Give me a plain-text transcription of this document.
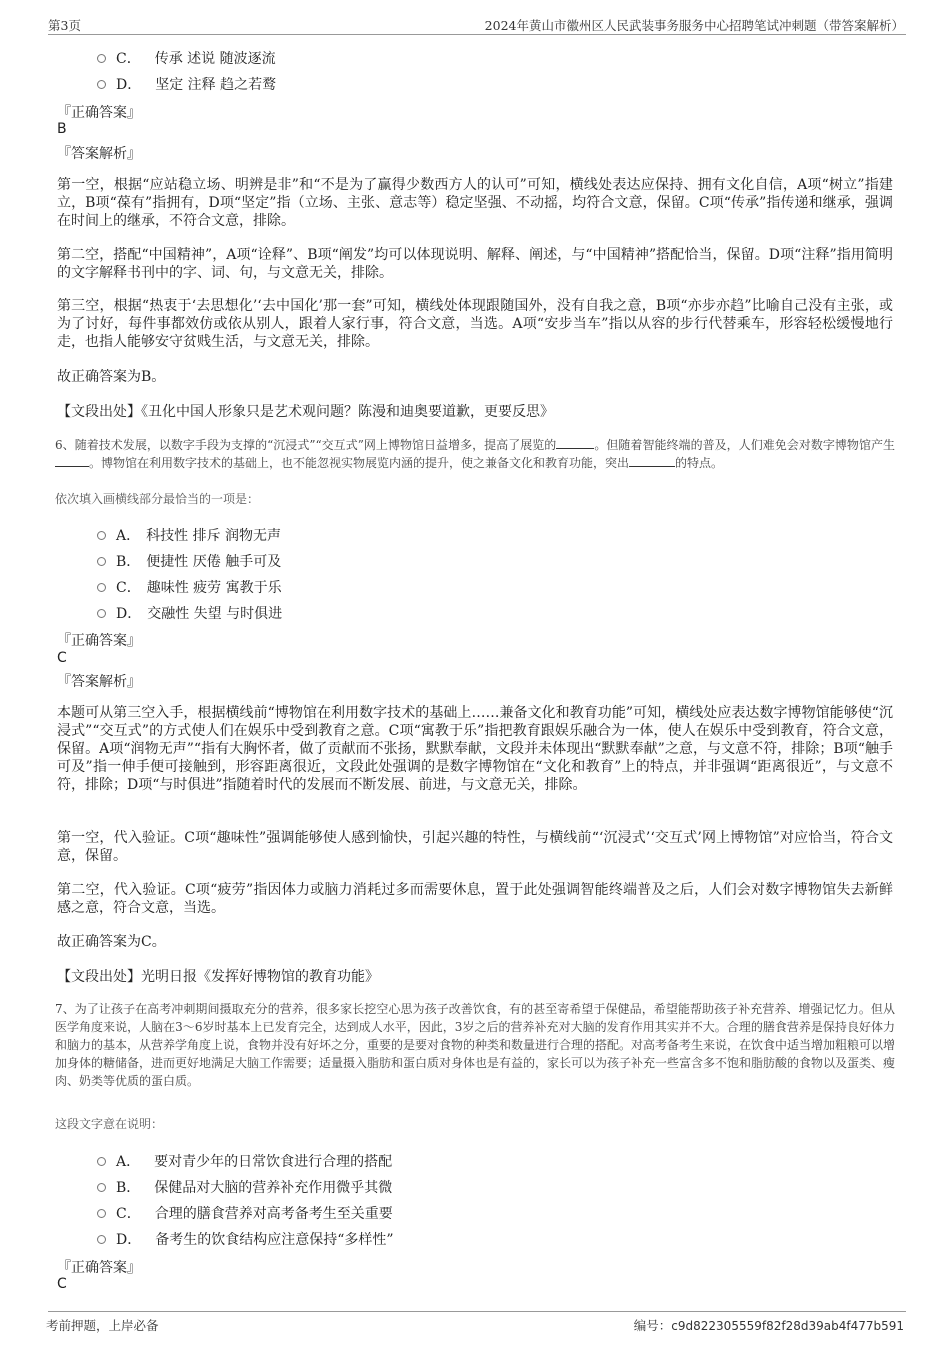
第3页	2024年黄山市徽州区人民武装事务服务中心招聘笔试冲刺题（带答案解析）
C． 传承 述说 随波逐流
D． 坚定 注释 趋之若鹜
『正确答案』
B
『答案解析』
第一空，根据“应站稳立场、明辨是非”和“不是为了赢得少数西方人的认可”可知，横线处表达应保持、拥有文化自信，A项“树立”指建立，B项“葆有”指拥有，D项“坚定”指（立场、主张、意志等）稳定坚强、不动摇，均符合文意，保留。C项“传承”指传递和继承，强调在时间上的继承，不符合文意，排除。
第二空，搭配“中国精神”，A项“诠释”、B项“阐发”均可以体现说明、解释、阐述，与“中国精神”搭配恰当，保留。D项“注释”指用简明的文字解释书刊中的字、词、句，与文意无关，排除。
第三空，根据“热衷于‘去思想化’‘去中国化’那一套”可知，横线处体现跟随国外，没有自我之意，B项“亦步亦趋”比喻自己没有主张，或为了讨好，每件事都效仿或依从别人，跟着人家行事，符合文意，当选。A项“安步当车”指以从容的步行代替乘车，形容轻松缓慢地行走，也指人能够安守贫贱生活，与文意无关，排除。
故正确答案为B。
【文段出处】《丑化中国人形象只是艺术观问题？陈漫和迪奥要道歉，更要反思》
6、随着技术发展，以数字手段为支撑的“沉浸式”“交互式”网上博物馆日益增多，提高了展览的	。但随着智能终端的普及，人们难免会对数字博物馆产生。博物馆在利用数字技术的基础上，也不能忽视实物展览内涵的提升，使之兼备文化和教育功能，突出	的特点。
依次填入画横线部分最恰当的一项是：
A． 科技性 排斥 润物无声
B． 便捷性 厌倦 触手可及
C． 趣味性 疲劳 寓教于乐
D． 交融性 失望 与时俱进
『正确答案』
C
『答案解析』
本题可从第三空入手，根据横线前“博物馆在利用数字技术的基础上……兼备文化和教育功能”可知，横线处应表达数字博物馆能够使“沉浸式”“交互式”的方式使人们在娱乐中受到教育之意。C项“寓教于乐”指把教育跟娱乐融合为一体，使人在娱乐中受到教育，符合文意，保留。A项“润物无声”“指有大胸怀者，做了贡献而不张扬，默默奉献，文段并未体现出“默默奉献”之意，与文意不符，排除；B项“触手可及”指一伸手便可接触到，形容距离很近，文段此处强调的是数字博物馆在“文化和教育”上的特点，并非强调“距离很近”，与文意不符，排除；D项“与时俱进”指随着时代的发展而不断发展、前进，与文意无关，排除。
第一空，代入验证。C项“趣味性”强调能够使人感到愉快，引起兴趣的特性，与横线前“‘沉浸式’‘交互式’网上博物馆”对应恰当，符合文意，保留。
第二空，代入验证。C项“疲劳”指因体力或脑力消耗过多而需要休息，置于此处强调智能终端普及之后，人们会对数字博物馆失去新鲜感之意，符合文意，当选。
故正确答案为C。
【文段出处】光明日报《发挥好博物馆的教育功能》
7、为了让孩子在高考冲刺期间摄取充分的营养，很多家长挖空心思为孩子改善饮食，有的甚至寄希望于保健品，希望能帮助孩子补充营养、增强记忆力。但从医学角度来说，人脑在3～6岁时基本上已发育完全，达到成人水平，因此，3岁之后的营养补充对大脑的发育作用其实并不大。合理的膳食营养是保持良好体力和脑力的基本，从营养学角度上说，食物并没有好坏之分，重要的是要对食物的种类和数量进行合理的搭配。对高考备考生来说，在饮食中适当增加粗粮可以增加身体的糖储备，进而更好地满足大脑工作需要；适量摄入脂肪和蛋白质对身体也是有益的，家长可以为孩子补充一些富含多不饱和脂肪酸的食物以及蛋类、瘦肉、奶类等优质的蛋白质。
这段文字意在说明：
A． 要对青少年的日常饮食进行合理的搭配
B． 保健品对大脑的营养补充作用微乎其微
C． 合理的膳食营养对高考备考生至关重要
D． 备考生的饮食结构应注意保持“多样性”
『正确答案』
C
考前押题，上岸必备	编号：c9d822305559f82f28d39ab4f477b591
